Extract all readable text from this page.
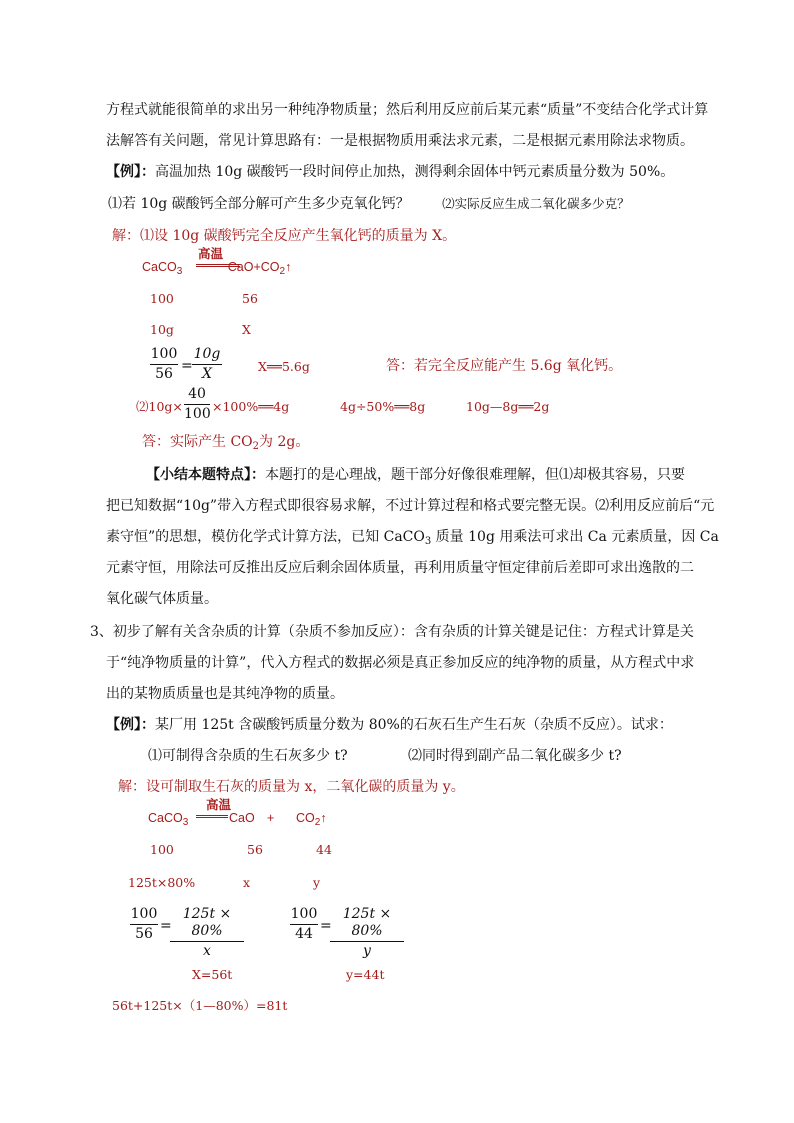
方程式就能很简单的求出另一种纯净物质量；然后利用反应前后某元素“质量”不变结合化学式计算
法解答有关问题，常见计算思路有：一是根据物质用乘法求元素，二是根据元素用除法求物质。
【例】：高温加热 10g 碳酸钙一段时间停止加热，测得剩余固体中钙元素质量分数为 50%。
⑴若 10g 碳酸钙全部分解可产生多少克氧化钙？	⑵实际反应生成二氧化碳多少克？
解：⑴设 10g 碳酸钙完全反应产生氧化钙的质量为 X。
高温
CaCO$_3$	$CaO+CO_2↑$
100	56
10g	X
100
56 =
10g
X	X══5.6g	答：若完全反应能产生 5.6g 氧化钙。
⑵10g×
40
100 ×100%══4g	4g÷50%══8g	10g—8g══2g
答：实际产生 $CO_2$为 2g。
【小结本题特点】：本题打的是心理战，题干部分好像很难理解，但⑴却极其容易，只要
把已知数据“10g”带入方程式即很容易求解，不过计算过程和格式要完整无误。⑵利用反应前后“元
素守恒”的思想，模仿化学式计算方法，已知 CaCO$_3$ 质量 10g 用乘法可求出 Ca 元素质量，因 Ca
元素守恒，用除法可反推出反应后剩余固体质量，再利用质量守恒定律前后差即可求出逸散的二
氧化碳气体质量。
3、初步了解有关含杂质的计算（杂质不参加反应）：含有杂质的计算关键是记住：方程式计算是关
于“纯净物质量的计算”，代入方程式的数据必须是真正参加反应的纯净物的质量，从方程式中求
出的某物质质量也是其纯净物的质量。
【例】：某厂用 125t 含碳酸钙质量分数为 80%的石灰石生产生石灰（杂质不反应）。试求：
⑴可制得含杂质的生石灰多少 t?	⑵同时得到副产品二氧化碳多少 t?
解：设可制取生石灰的质量为 x，二氧化碳的质量为 y。
高温
CaCO$_3$	CaO + $CO_2↑$
100	56	44
125t×80%	x	y
100
56 =
125t × 80%
x
100
44 =
125t × 80%
y
X=56t	y=44t
56t+125t×（1—80%）=81t
